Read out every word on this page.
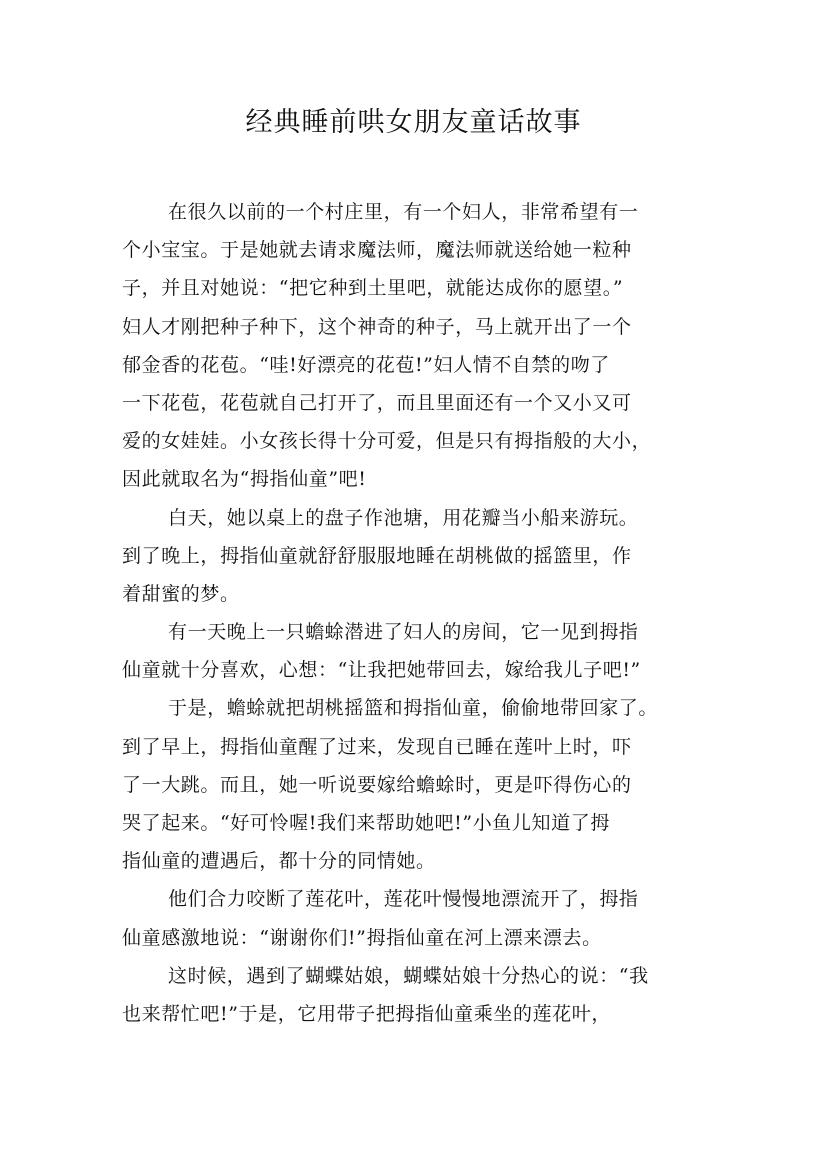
经典睡前哄女朋友童话故事
在很久以前的一个村庄里，有一个妇人，非常希望有一
个小宝宝。于是她就去请求魔法师，魔法师就送给她一粒种
子，并且对她说：“把它种到土里吧，就能达成你的愿望。”
妇人才刚把种子种下，这个神奇的种子，马上就开出了一个
郁金香的花苞。“哇!好漂亮的花苞!”妇人情不自禁的吻了
一下花苞，花苞就自己打开了，而且里面还有一个又小又可
爱的女娃娃。小女孩长得十分可爱，但是只有拇指般的大小，
因此就取名为“拇指仙童”吧!
白天，她以桌上的盘子作池塘，用花瓣当小船来游玩。
到了晚上，拇指仙童就舒舒服服地睡在胡桃做的摇篮里，作
着甜蜜的梦。
有一天晚上一只蟾蜍潜进了妇人的房间，它一见到拇指
仙童就十分喜欢，心想：“让我把她带回去，嫁给我儿子吧!”
于是，蟾蜍就把胡桃摇篮和拇指仙童，偷偷地带回家了。
到了早上，拇指仙童醒了过来，发现自已睡在莲叶上时，吓
了一大跳。而且，她一听说要嫁给蟾蜍时，更是吓得伤心的
哭了起来。“好可怜喔!我们来帮助她吧!”小鱼儿知道了拇
指仙童的遭遇后，都十分的同情她。
他们合力咬断了莲花叶，莲花叶慢慢地漂流开了，拇指
仙童感激地说：“谢谢你们!”拇指仙童在河上漂来漂去。
这时候，遇到了蝴蝶姑娘，蝴蝶姑娘十分热心的说：“我
也来帮忙吧!”于是，它用带子把拇指仙童乘坐的莲花叶，
